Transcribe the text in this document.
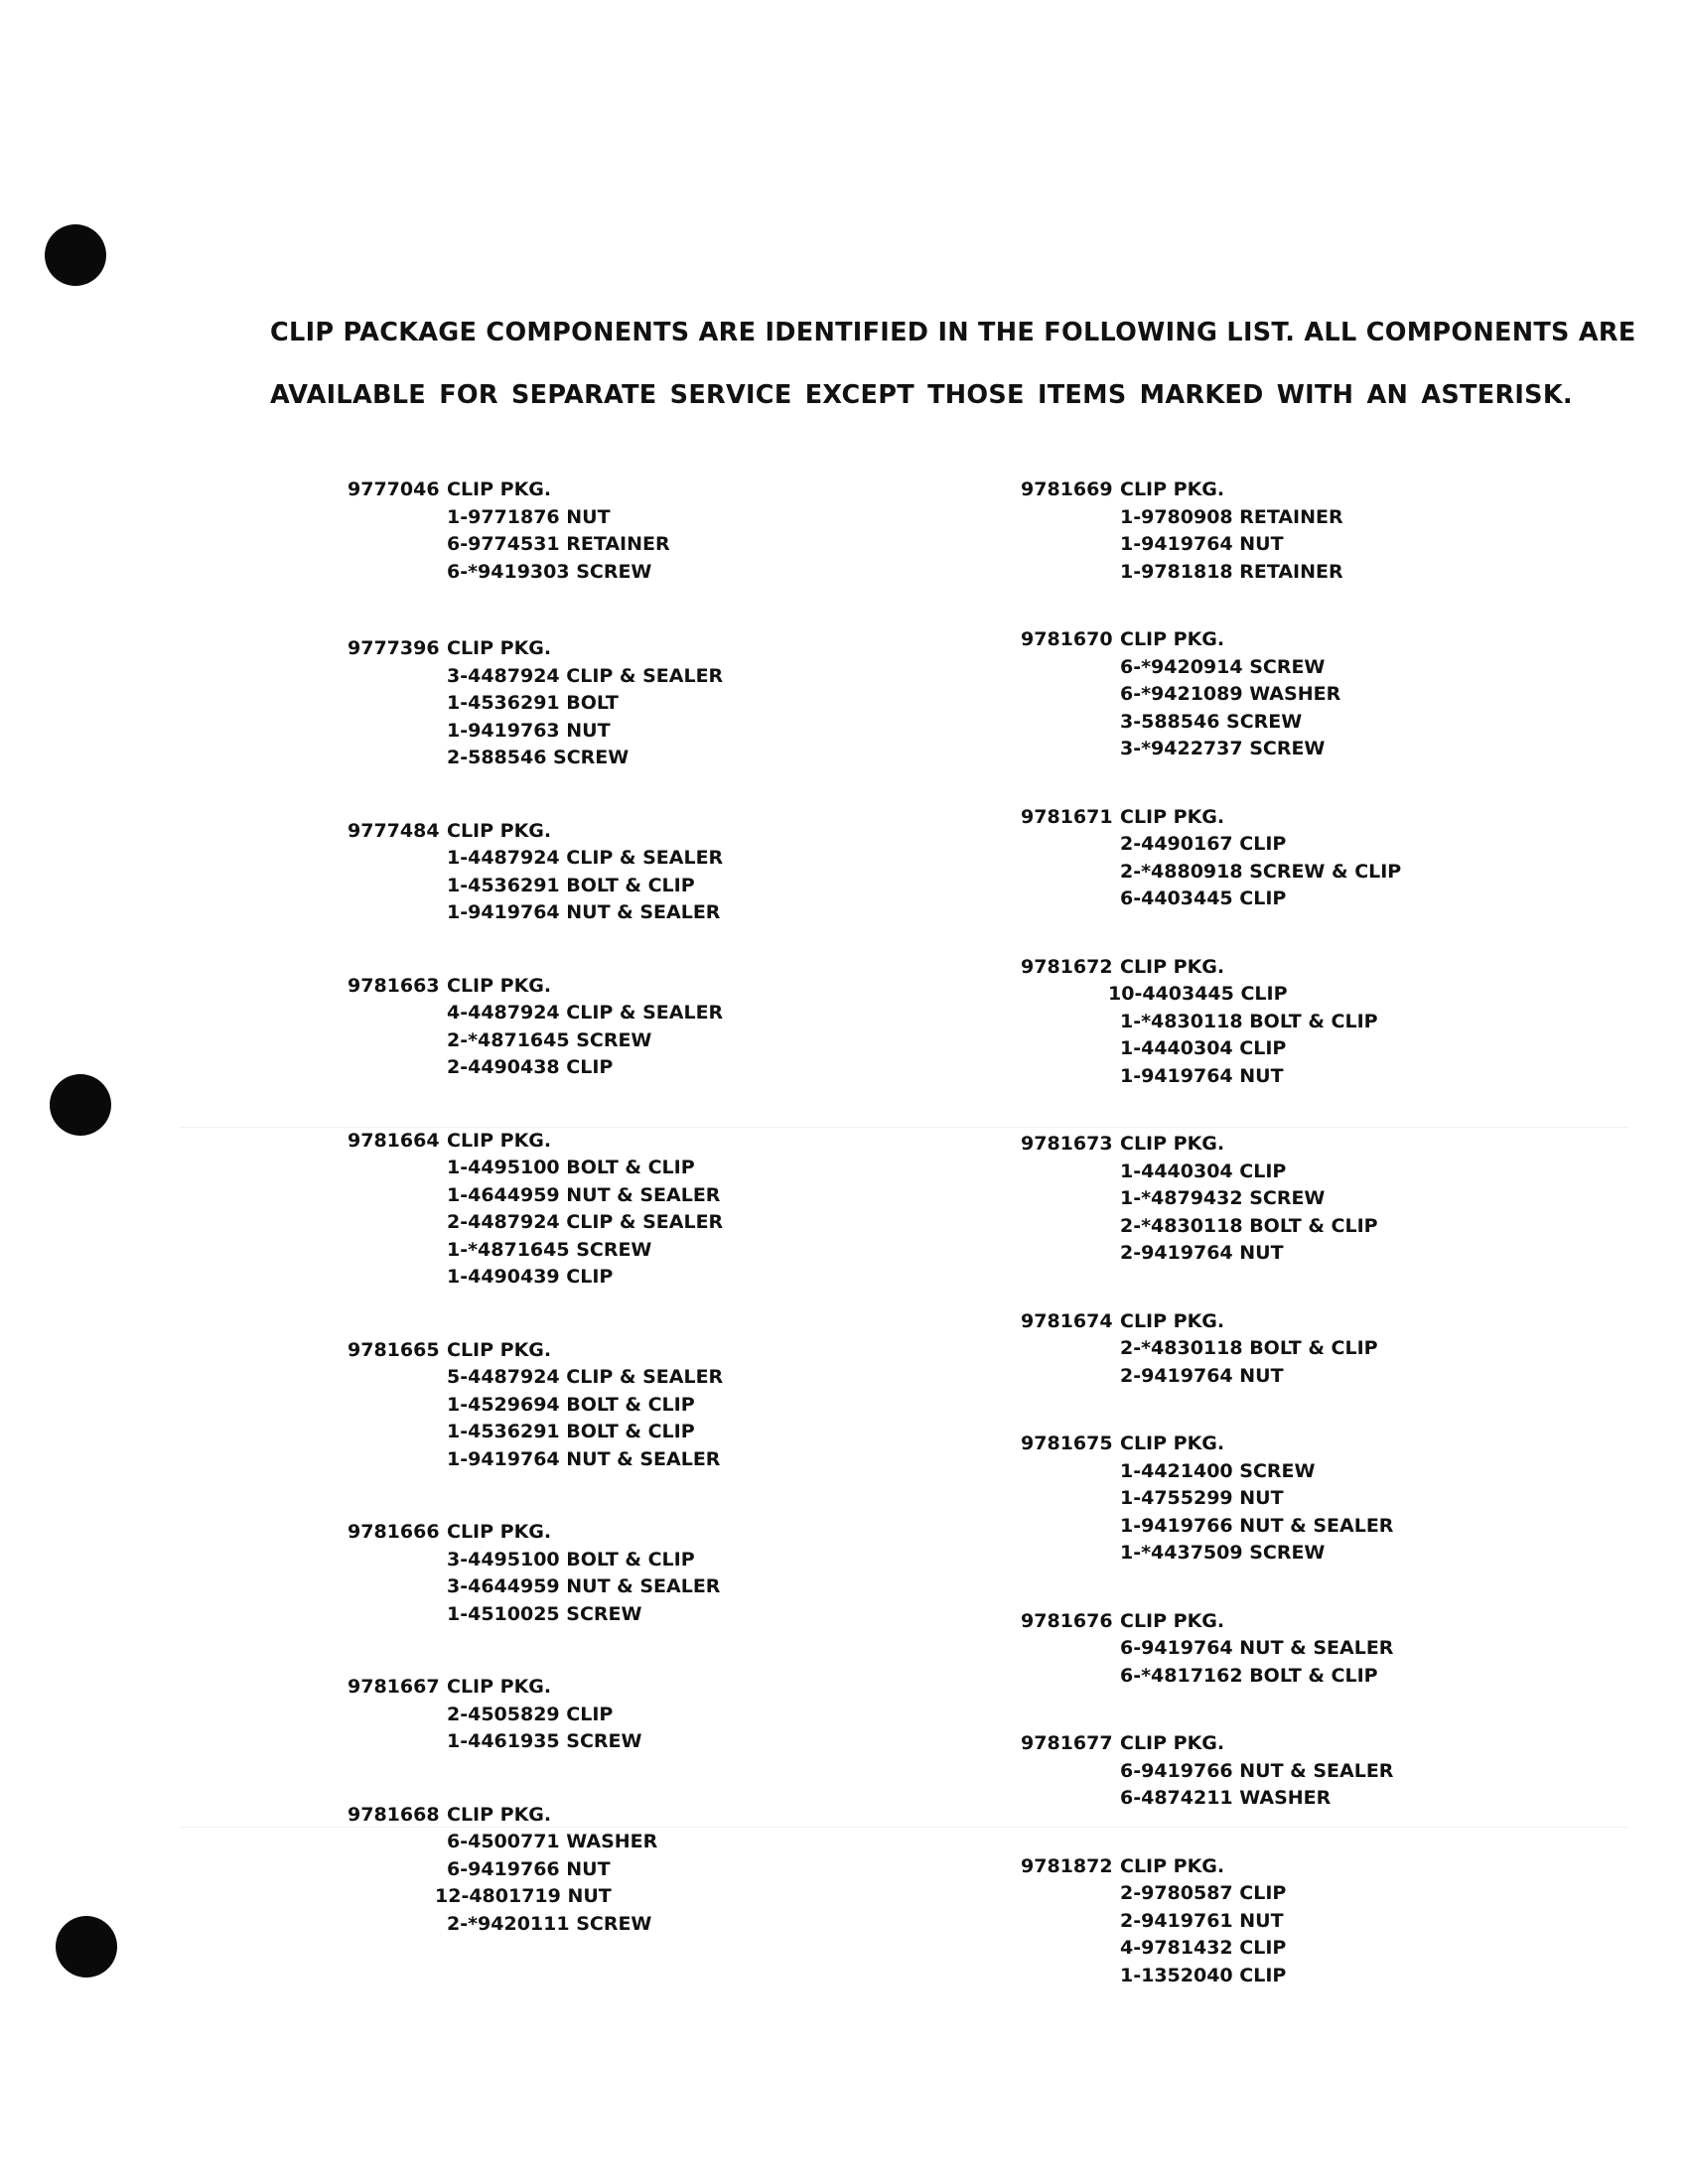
CLIP PACKAGE COMPONENTS ARE IDENTIFIED IN THE FOLLOWING LIST. ALL COMPONENTS ARE
AVAILABLE FOR SEPARATE SERVICE EXCEPT THOSE ITEMS MARKED WITH AN ASTERISK.
9777046 CLIP PKG.
1-9771876 NUT
6-9774531 RETAINER
6-*9419303 SCREW
9777396 CLIP PKG.
3-4487924 CLIP & SEALER
1-4536291 BOLT
1-9419763 NUT
2-588546 SCREW
9777484 CLIP PKG.
1-4487924 CLIP & SEALER
1-4536291 BOLT & CLIP
1-9419764 NUT & SEALER
9781663 CLIP PKG.
4-4487924 CLIP & SEALER
2-*4871645 SCREW
2-4490438 CLIP
9781664 CLIP PKG.
1-4495100 BOLT & CLIP
1-4644959 NUT & SEALER
2-4487924 CLIP & SEALER
1-*4871645 SCREW
1-4490439 CLIP
9781665 CLIP PKG.
5-4487924 CLIP & SEALER
1-4529694 BOLT & CLIP
1-4536291 BOLT & CLIP
1-9419764 NUT & SEALER
9781666 CLIP PKG.
3-4495100 BOLT & CLIP
3-4644959 NUT & SEALER
1-4510025 SCREW
9781667 CLIP PKG.
2-4505829 CLIP
1-4461935 SCREW
9781668 CLIP PKG.
6-4500771 WASHER
6-9419766 NUT
12-4801719 NUT
2-*9420111 SCREW
9781669 CLIP PKG.
1-9780908 RETAINER
1-9419764 NUT
1-9781818 RETAINER
9781670 CLIP PKG.
6-*9420914 SCREW
6-*9421089 WASHER
3-588546 SCREW
3-*9422737 SCREW
9781671 CLIP PKG.
2-4490167 CLIP
2-*4880918 SCREW & CLIP
6-4403445 CLIP
9781672 CLIP PKG.
10-4403445 CLIP
1-*4830118 BOLT & CLIP
1-4440304 CLIP
1-9419764 NUT
9781673 CLIP PKG.
1-4440304 CLIP
1-*4879432 SCREW
2-*4830118 BOLT & CLIP
2-9419764 NUT
9781674 CLIP PKG.
2-*4830118 BOLT & CLIP
2-9419764 NUT
9781675 CLIP PKG.
1-4421400 SCREW
1-4755299 NUT
1-9419766 NUT & SEALER
1-*4437509 SCREW
9781676 CLIP PKG.
6-9419764 NUT & SEALER
6-*4817162 BOLT & CLIP
9781677 CLIP PKG.
6-9419766 NUT & SEALER
6-4874211 WASHER
9781872 CLIP PKG.
2-9780587 CLIP
2-9419761 NUT
4-9781432 CLIP
1-1352040 CLIP
